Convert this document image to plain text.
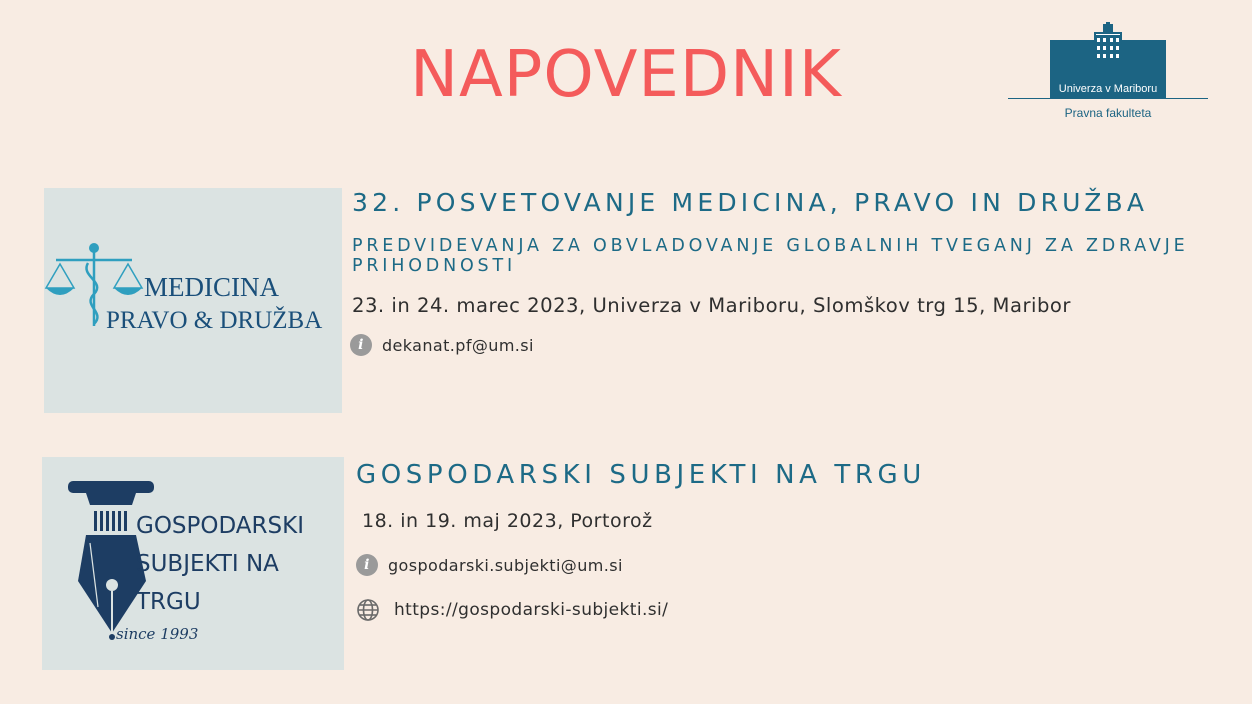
NAPOVEDNIK	Univerza v Mariboru
Pravna fakulteta
MEDICINA
PRAVO & DRUŽBA
32. POSVETOVANJE MEDICINA, PRAVO IN DRUŽBA
PREDVIDEVANJA ZA OBVLADOVANJE GLOBALNIH TVEGANJ ZA ZDRAVJE PRIHODNOSTI
23. in 24. marec 2023, Univerza v Mariboru, Slomškov trg 15, Maribor
i	dekanat.pf@um.si
GOSPODARSKI
SUBJEKTI NA
TRGU
since 1993
GOSPODARSKI SUBJEKTI NA TRGU
18. in 19. maj 2023, Portorož
i	gospodarski.subjekti@um.si
https://gospodarski-subjekti.si/
